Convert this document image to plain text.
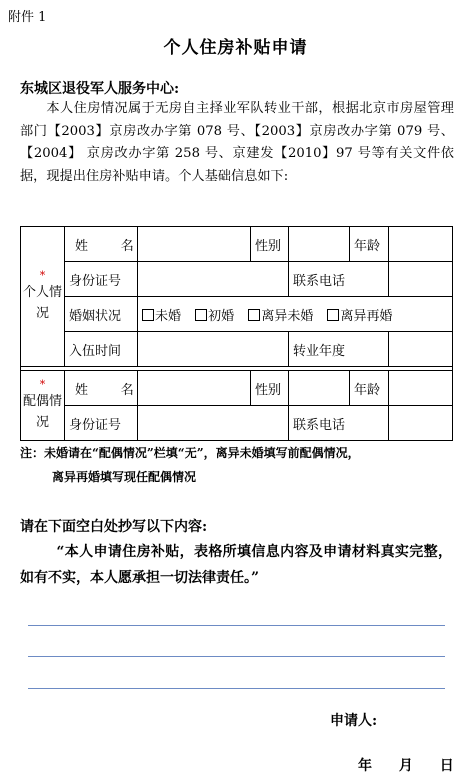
附件 1
个人住房补贴申请
东城区退役军人服务中心:
本人住房情况属于无房自主择业军队转业干部，根据北京市房屋管理部门【2003】京房改办字第 078 号、【2003】京房改办字第 079 号、【2004】 京房改办字第 258 号、京建发【2010】97 号等有关文件依据，现提出住房补贴申请。个人基础信息如下:
*
个人情况	姓 名		性别		年龄	
	身份证号			联系电话		
	婚姻状况	未婚 初婚 离异未婚 离异再婚				
	入伍时间			转业年度		

*
配偶情况	姓 名		性别		年龄	
	身份证号			联系电话		
注：未婚请在“配偶情况”栏填“无”，离异未婚填写前配偶情况，
离异再婚填写现任配偶情况
请在下面空白处抄写以下内容:
“本人申请住房补贴，表格所填信息内容及申请材料真实完整，如有不实，本人愿承担一切法律责任。”
申请人:
年 月 日
